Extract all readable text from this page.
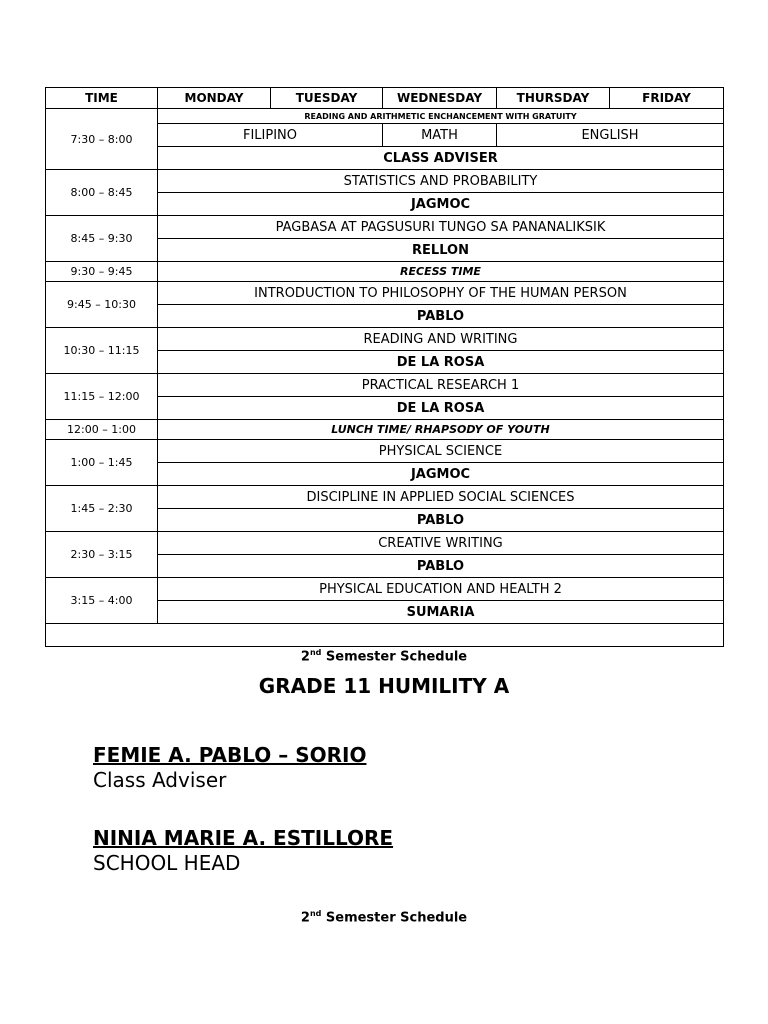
TIME	MONDAY	TUESDAY	WEDNESDAY	THURSDAY	FRIDAY
7:30 – 8:00	READING AND ARITHMETIC ENCHANCEMENT WITH GRATUITY				
	FILIPINO		MATH	ENGLISH	
	CLASS ADVISER				
8:00 – 8:45	STATISTICS AND PROBABILITY				
	JAGMOC				
8:45 – 9:30	PAGBASA AT PAGSUSURI TUNGO SA PANANALIKSIK				
	RELLON				
9:30 – 9:45	RECESS TIME				
9:45 – 10:30	INTRODUCTION TO PHILOSOPHY OF THE HUMAN PERSON				
	PABLO				
10:30 – 11:15	READING AND WRITING				
	DE LA ROSA				
11:15 – 12:00	PRACTICAL RESEARCH 1				
	DE LA ROSA				
12:00 – 1:00	LUNCH TIME/ RHAPSODY OF YOUTH				
1:00 – 1:45	PHYSICAL SCIENCE				
	JAGMOC				
1:45 – 2:30	DISCIPLINE IN APPLIED SOCIAL SCIENCES				
	PABLO				
2:30 – 3:15	CREATIVE WRITING				
	PABLO				
3:15 – 4:00	PHYSICAL EDUCATION AND HEALTH 2				
	SUMARIA				

2nd Semester Schedule
GRADE 11 HUMILITY A
FEMIE A. PABLO – SORIO
Class Adviser
NINIA MARIE A. ESTILLORE
SCHOOL HEAD
2nd Semester Schedule
